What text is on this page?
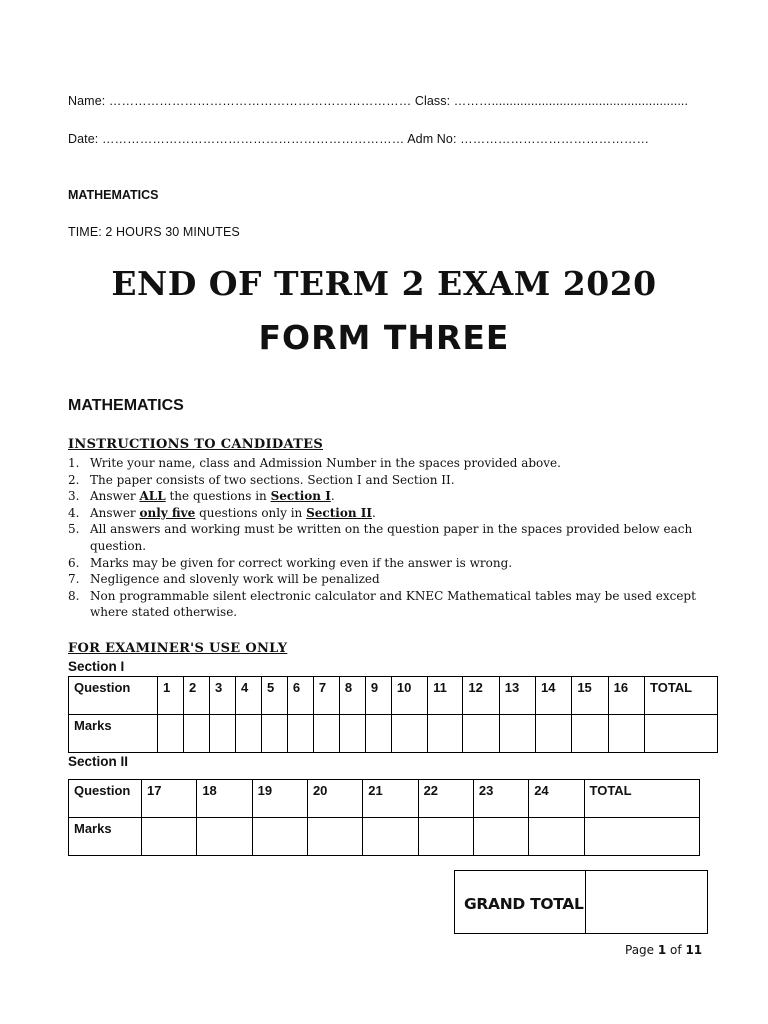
Name: ……………………………………………………………… Class: ……….......................................................
Date: ……………………………………………………………… Adm No: ………………………………………
MATHEMATICS
TIME: 2 HOURS 30 MINUTES
END OF TERM 2 EXAM 2020
FORM THREE
MATHEMATICS
INSTRUCTIONS TO CANDIDATES
1. Write your name, class and Admission Number in the spaces provided above.
2. The paper consists of two sections. Section I and Section II.
3. Answer ALL the questions in Section I.
4. Answer only five questions only in Section II.
5. All answers and working must be written on the question paper in the spaces provided below each question.
6. Marks may be given for correct working even if the answer is wrong.
7. Negligence and slovenly work will be penalized
8. Non programmable silent electronic calculator and KNEC Mathematical tables may be used except where stated otherwise.
FOR EXAMINER'S USE ONLY
Section I
Question	1	2	3	4	5	6	7	8	9	10	11	12	13	14	15	16	TOTAL
Marks																	
Section II
Question	17	18	19	20	21	22	23	24	TOTAL
Marks									
GRAND TOTAL
Page 1 of 11
